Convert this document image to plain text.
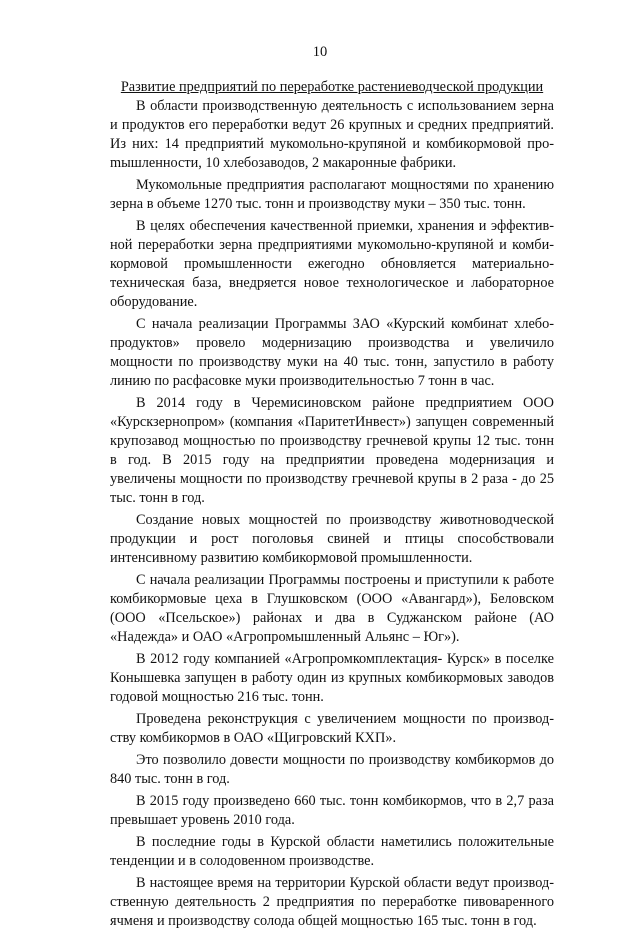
10
Развитие предприятий по переработке растениеводческой продукции

В области производственную деятельность с использованием зерна и продуктов его переработки ведут 26 крупных и средних предприятий. Из них: 14 предприятий мукомольно-крупяной и комбикормовой проmышленности, 10 хлебозаводов, 2 макаронные фабрики.

Мукомольные предприятия располагают мощностями по хранению зерна в объеме 1270 тыс. тонн и производству муки – 350 тыс. тонн.

В целях обеспечения качественной приемки, хранения и эффективной переработки зерна предприятиями мукомольно-крупяной и комбикормовой промышленности ежегодно обновляется материально-техническая база, внедряется новое технологическое и лабораторное оборудование.

С начала реализации Программы ЗАО «Курский комбинат хлебопродуктов» провело модернизацию производства и увеличило мощности по производству муки на 40 тыс. тонн, запустило в работу линию по расфасовке муки производительностью 7 тонн в час.

В 2014 году в Черемисиновском районе предприятием ООО «Курскзернопром» (компания «ПаритетИнвест») запущен современный крупозавод мощностью по производству гречневой крупы 12 тыс. тонн в год. В 2015 году на предприятии проведена модернизация и увеличены мощности по производству гречневой крупы в 2 раза - до 25 тыс. тонн в год.

Создание новых мощностей по производству животноводческой продукции и рост поголовья свиней и птицы способствовали интенсивному развитию комбикормовой промышленности.

С начала реализации Программы построены и приступили к работе комбикормовые цеха в Глушковском (ООО «Авангард»), Беловском (ООО «Псельское») районах и два в Суджанском районе (АО «Надежда» и ОАО «Агропромышленный Альянс – Юг»).

В 2012 году компанией «Агропромкомплектация- Курск» в поселке Конышевка запущен в работу один из крупных комбикормовых заводов годовой мощностью 216 тыс. тонн.

Проведена реконструкция с увеличением мощности по производству комбикормов в ОАО «Щигровский КХП».

Это позволило довести мощности по производству комбикормов до 840 тыс. тонн в год.

В 2015 году произведено 660 тыс. тонн комбикормов, что в 2,7 раза превышает уровень 2010 года.

В последние годы в Курской области наметились положительные тенденции и в солодовенном производстве.

В настоящее время на территории Курской области ведут производственную деятельность 2 предприятия по переработке пивоваренного ячменя и производству солода общей мощностью 165 тыс. тонн в год.
